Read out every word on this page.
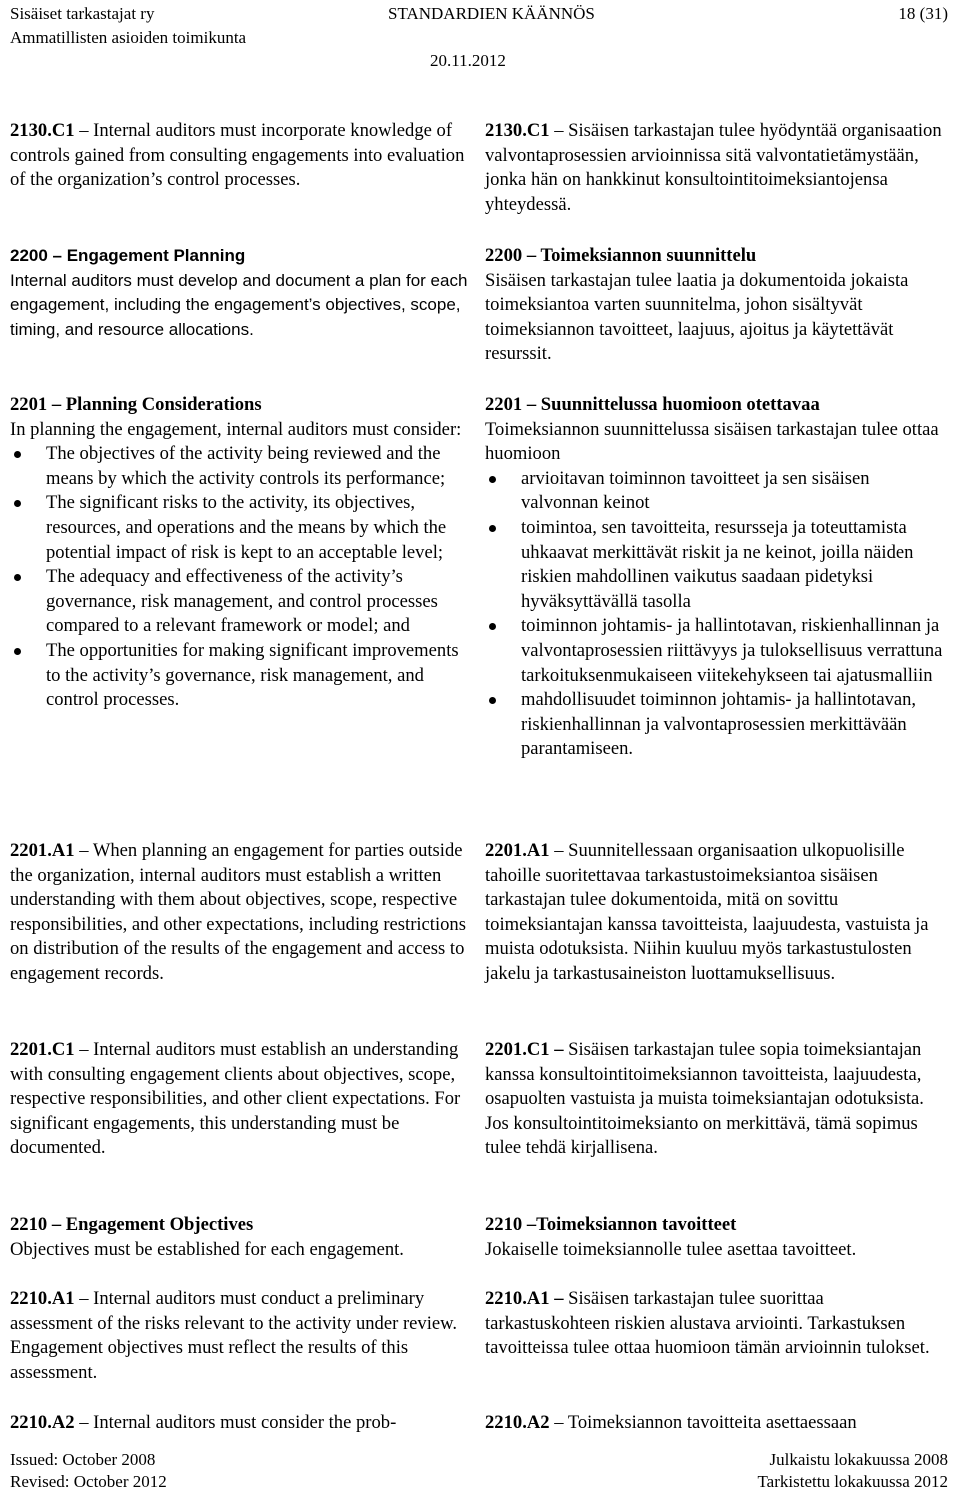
Sisäiset tarkastajat ry
Ammatillisten asioiden toimikunta
STANDARDIEN KÄÄNNÖS
20.11.2012
18 (31)

2130.C1 – Internal auditors must incorporate knowledge of controls gained from consulting engagements into evaluation of the organization’s control processes.

2200 – Engagement Planning

Internal auditors must develop and document a plan for each engagement, including the engagement’s objectives, scope, timing, and resource allocations.

2201 – Planning Considerations

In planning the engagement, internal auditors must consider:

The objectives of the activity being reviewed and the means by which the activity controls its performance;
The significant risks to the activity, its objectives, resources, and operations and the means by which the potential impact of risk is kept to an acceptable level;
The adequacy and effectiveness of the activity’s governance, risk management, and control processes compared to a relevant framework or model; and
The opportunities for making significant improvements to the activity’s governance, risk management, and control processes.

2201.A1 – When planning an engagement for parties outside the organization, internal auditors must establish a written understanding with them about objectives, scope, respective responsibilities, and other expectations, including restrictions on distribution of the results of the engagement and access to engagement records.

2201.C1 – Internal auditors must establish an understanding with consulting engagement clients about objectives, scope, respective responsibilities, and other client expectations. For significant engagements, this understanding must be documented.

2210 – Engagement Objectives

Objectives must be established for each engagement.

2210.A1 – Internal auditors must conduct a preliminary assessment of the risks relevant to the activity under review. Engagement objectives must reflect the results of this assessment.

2210.A2 – Internal auditors must consider the prob-

2130.C1 – Sisäisen tarkastajan tulee hyödyntää organisaation valvontaprosessien arvioinnissa sitä valvontatietämystään, jonka hän on hankkinut konsultointitoimeksiantojensa yhteydessä.

2200 – Toimeksiannon suunnittelu

Sisäisen tarkastajan tulee laatia ja dokumentoida jokaista toimeksiantoa varten suunnitelma, johon sisältyvät toimeksiannon tavoitteet, laajuus, ajoitus ja käytettävät resurssit.

2201 – Suunnittelussa huomioon otettavaa

Toimeksiannon suunnittelussa sisäisen tarkastajan tulee ottaa huomioon

arvioitavan toiminnon tavoitteet ja sen sisäisen valvonnan keinot
toimintoa, sen tavoitteita, resursseja ja toteuttamista uhkaavat merkittävät riskit ja ne keinot, joilla näiden riskien mahdollinen vaikutus saadaan pidetyksi hyväksyttävällä tasolla
toiminnon johtamis- ja hallintotavan, riskienhallinnan ja valvontaprosessien riittävyys ja tuloksellisuus verrattuna tarkoituksenmukaiseen viitekehykseen tai ajatusmalliin
mahdollisuudet toiminnon johtamis- ja hallintotavan, riskienhallinnan ja valvontaprosessien merkittävään parantamiseen.

2201.A1 – Suunnitellessaan organisaation ulkopuolisille tahoille suoritettavaa tarkastustoimeksiantoa sisäisen tarkastajan tulee dokumentoida, mitä on sovittu toimeksiantajan kanssa tavoitteista, laajuudesta, vastuista ja muista odotuksista. Niihin kuuluu myös tarkastustulosten jakelu ja tarkastusaineiston luottamuksellisuus.

2201.C1 – Sisäisen tarkastajan tulee sopia toimeksiantajan kanssa konsultointitoimeksiannon tavoitteista, laajuudesta, osapuolten vastuista ja muista toimeksiantajan odotuksista. Jos konsultointitoimeksianto on merkittävä, tämä sopimus tulee tehdä kirjallisena.

2210 –Toimeksiannon tavoitteet

Jokaiselle toimeksiannolle tulee asettaa tavoitteet.

2210.A1 – Sisäisen tarkastajan tulee suorittaa tarkastuskohteen riskien alustava arviointi. Tarkastuksen tavoitteissa tulee ottaa huomioon tämän arvioinnin tulokset.

2210.A2 – Toimeksiannon tavoitteita asettaessaan

Issued: October 2008
Revised: October 2012
Julkaistu lokakuussa 2008
Tarkistettu lokakuussa 2012
